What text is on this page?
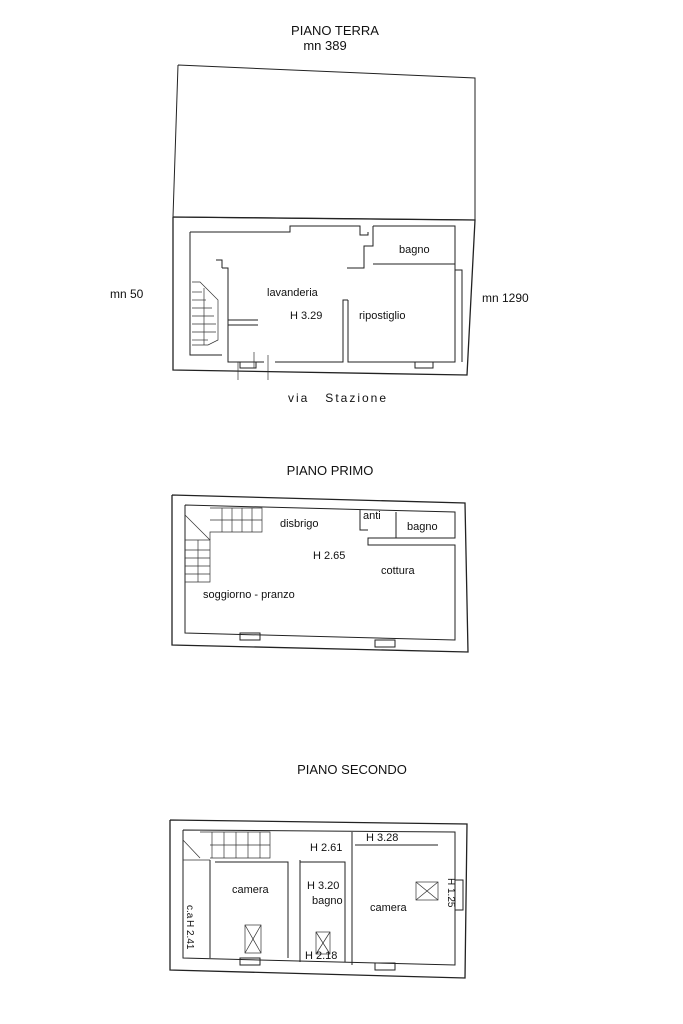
PIANO TERRA
mn 389
mn 50	mn 1290
bagno
lavanderia
H 3.29	ripostiglio
via   Stazione
PIANO PRIMO
disbrigo
anti
bagno
H 2.65
cottura
soggiorno - pranzo
PIANO SECONDO
H 2.61
H 3.28
H 3.20
bagno
camera
camera
c.a
H 2.41
H 2.18
H 1.25
